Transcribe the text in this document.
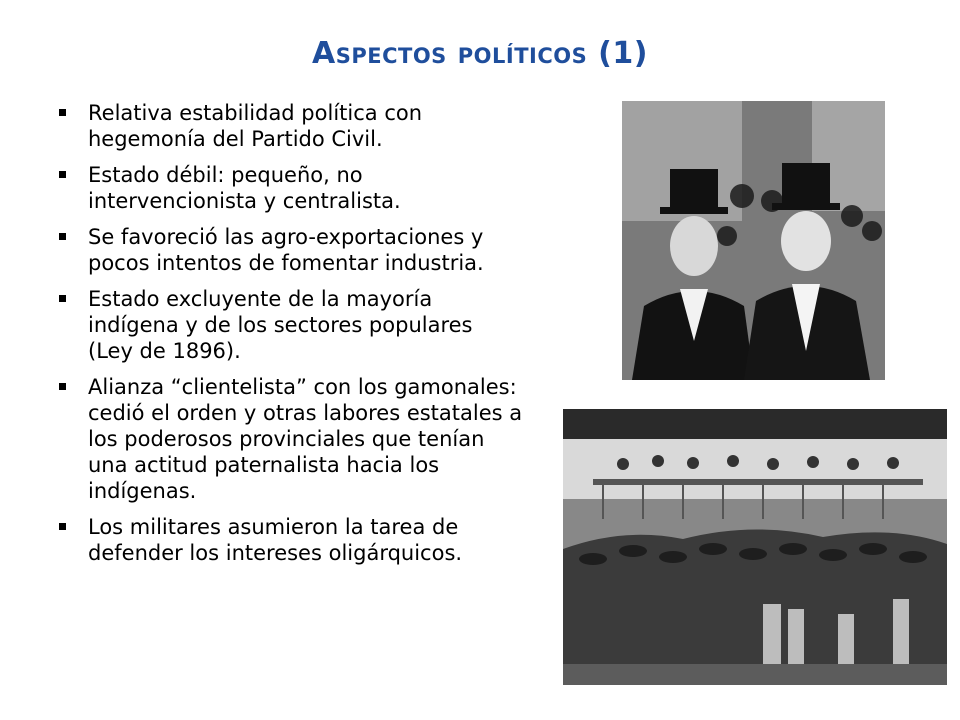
Aspectos políticos (1)
Relativa estabilidad política con hegemonía del Partido Civil.
Estado débil: pequeño, no intervencionista y centralista.
Se favoreció las agro-exportaciones y pocos intentos de fomentar industria.
Estado excluyente de la mayoría indígena y de los sectores populares (Ley de 1896).
Alianza “clientelista” con los gamonales: cedió el orden y otras labores estatales a los poderosos provinciales que tenían una actitud paternalista hacia los indígenas.
Los militares asumieron la tarea de defender los intereses oligárquicos.
